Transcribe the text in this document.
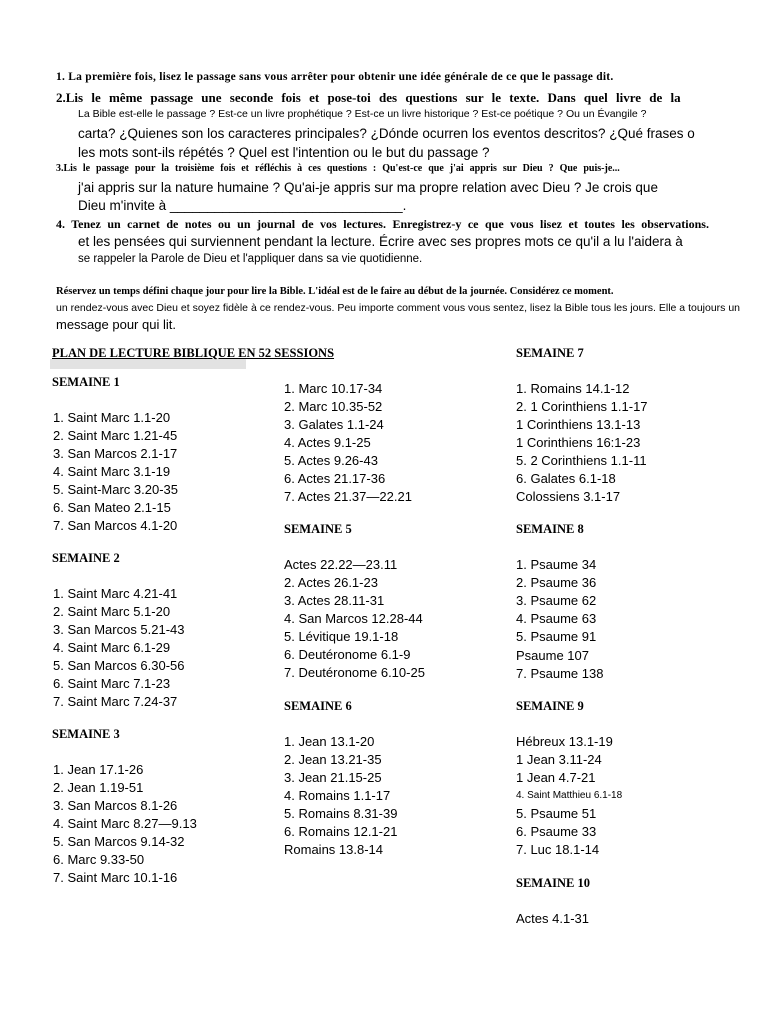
1. La première fois, lisez le passage sans vous arrêter pour obtenir une idée générale de ce que le passage dit.
2.Lis le même passage une seconde fois et pose-toi des questions sur le texte. Dans quel livre de la
La Bible est-elle le passage ? Est-ce un livre prophétique ? Est-ce un livre historique ? Est-ce poétique ? Ou un Évangile ?
carta? ¿Quienes son los caracteres principales? ¿Dónde ocurren los eventos descritos? ¿Qué frases o
les mots sont-ils répétés ? Quel est l'intention ou le but du passage ?
3.Lis le passage pour la troisième fois et réfléchis à ces questions : Qu'est-ce que j'ai appris sur Dieu ? Que puis-je...
j'ai appris sur la nature humaine ? Qu'ai-je appris sur ma propre relation avec Dieu ? Je crois que
Dieu m'invite à _______________________________.
4. Tenez un carnet de notes ou un journal de vos lectures. Enregistrez-y ce que vous lisez et toutes les observations.
et les pensées qui surviennent pendant la lecture. Écrire avec ses propres mots ce qu'il a lu l'aidera à
se rappeler la Parole de Dieu et l'appliquer dans sa vie quotidienne.
Réservez un temps défini chaque jour pour lire la Bible. L'idéal est de le faire au début de la journée. Considérez ce moment.
un rendez-vous avec Dieu et soyez fidèle à ce rendez-vous. Peu importe comment vous vous sentez, lisez la Bible tous les jours. Elle a toujours un
message pour qui lit.
PLAN DE LECTURE BIBLIQUE EN 52 SESSIONS
SEMAINE 1
1. Saint Marc 1.1-20
2. Saint Marc 1.21-45
3. San Marcos 2.1-17
4. Saint Marc 3.1-19
5. Saint-Marc 3.20-35
6. San Mateo 2.1-15
7. San Marcos 4.1-20
SEMAINE 2
1. Saint Marc 4.21-41
2. Saint Marc 5.1-20
3. San Marcos 5.21-43
4. Saint Marc 6.1-29
5. San Marcos 6.30-56
6. Saint Marc 7.1-23
7. Saint Marc 7.24-37
SEMAINE 3
1. Jean 17.1-26
2. Jean 1.19-51
3. San Marcos 8.1-26
4. Saint Marc 8.27—9.13
5. San Marcos 9.14-32
6. Marc 9.33-50
7. Saint Marc 10.1-16
1. Marc 10.17-34
2. Marc 10.35-52
3. Galates 1.1-24
4. Actes 9.1-25
5. Actes 9.26-43
6. Actes 21.17-36
7. Actes 21.37—22.21
SEMAINE 5
Actes 22.22—23.11
2. Actes 26.1-23
3. Actes 28.11-31
4. San Marcos 12.28-44
5. Lévitique 19.1-18
6. Deutéronome 6.1-9
7. Deutéronome 6.10-25
SEMAINE 6
1. Jean 13.1-20
2. Jean 13.21-35
3. Jean 21.15-25
4. Romains 1.1-17
5. Romains 8.31-39
6. Romains 12.1-21
Romains 13.8-14
SEMAINE 7
1. Romains 14.1-12
2. 1 Corinthiens 1.1-17
1 Corinthiens 13.1-13
1 Corinthiens 16:1-23
5. 2 Corinthiens 1.1-11
6. Galates 6.1-18
Colossiens 3.1-17
SEMAINE 8
1. Psaume 34
2. Psaume 36
3. Psaume 62
4. Psaume 63
5. Psaume 91
Psaume 107
7. Psaume 138
SEMAINE 9
Hébreux 13.1-19
1 Jean 3.11-24
1 Jean 4.7-21
4. Saint Matthieu 6.1-18
5. Psaume 51
6. Psaume 33
7. Luc 18.1-14
SEMAINE 10
Actes 4.1-31
